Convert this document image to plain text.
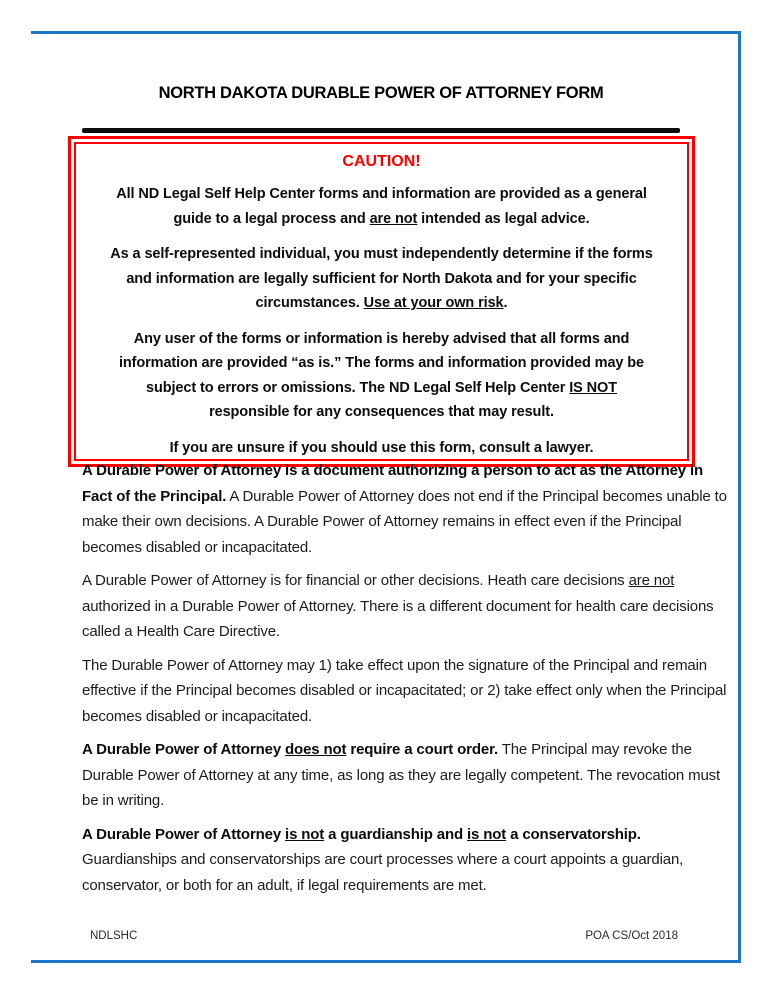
NORTH DAKOTA DURABLE POWER OF ATTORNEY FORM
CAUTION!

All ND Legal Self Help Center forms and information are provided as a general guide to a legal process and are not intended as legal advice.

As a self-represented individual, you must independently determine if the forms and information are legally sufficient for North Dakota and for your specific circumstances. Use at your own risk.

Any user of the forms or information is hereby advised that all forms and information are provided “as is.” The forms and information provided may be subject to errors or omissions. The ND Legal Self Help Center IS NOT responsible for any consequences that may result.

If you are unsure if you should use this form, consult a lawyer.

A Durable Power of Attorney is a document authorizing a person to act as the Attorney in Fact of the Principal. A Durable Power of Attorney does not end if the Principal becomes unable to make their own decisions. A Durable Power of Attorney remains in effect even if the Principal becomes disabled or incapacitated.

A Durable Power of Attorney is for financial or other decisions. Heath care decisions are not authorized in a Durable Power of Attorney. There is a different document for health care decisions called a Health Care Directive.

The Durable Power of Attorney may 1) take effect upon the signature of the Principal and remain effective if the Principal becomes disabled or incapacitated; or 2) take effect only when the Principal becomes disabled or incapacitated.

A Durable Power of Attorney does not require a court order. The Principal may revoke the Durable Power of Attorney at any time, as long as they are legally competent. The revocation must be in writing.

A Durable Power of Attorney is not a guardianship and is not a conservatorship. Guardianships and conservatorships are court processes where a court appoints a guardian, conservator, or both for an adult, if legal requirements are met.

NDLSHC	POA CS/Oct 2018
